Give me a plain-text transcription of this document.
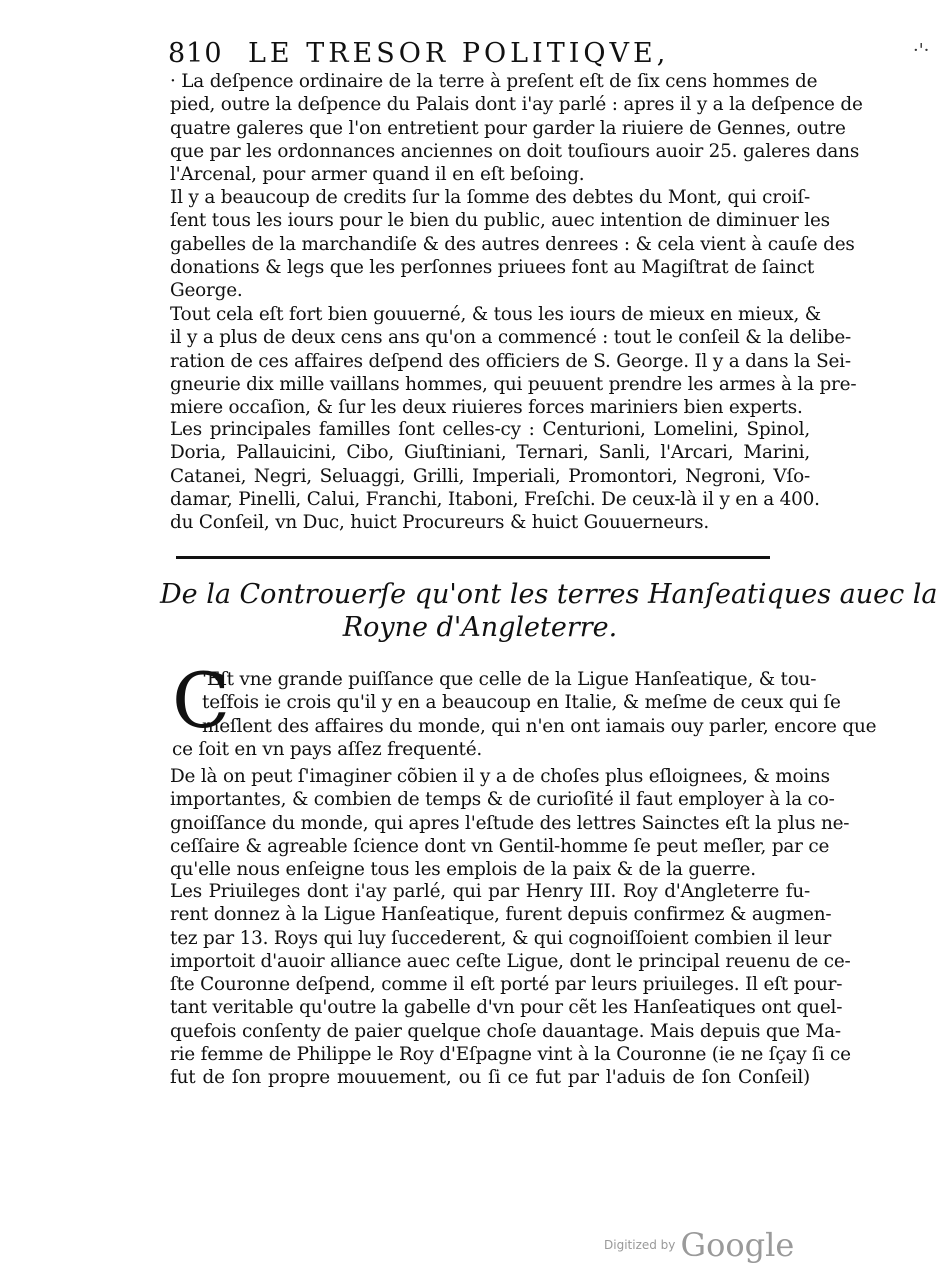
810 LE TRESOR POLITIQVE,	·'·
· La deſpence ordinaire de la terre à preſent eſt de ſix cens hommes de
pied, outre la deſpence du Palais dont i'ay parlé : apres il y a la deſpence de
quatre galeres que l'on entretient pour garder la riuiere de Gennes, outre
que par les ordonnances anciennes on doit touſiours auoir 25. galeres dans
l'Arcenal, pour armer quand il en eſt beſoing.
Il y a beaucoup de credits ſur la ſomme des debtes du Mont, qui croiſ-
ſent tous les iours pour le bien du public, auec intention de diminuer les
gabelles de la marchandiſe & des autres denrees : & cela vient à cauſe des
donations & legs que les perſonnes priuees font au Magiſtrat de ſainct
George.
Tout cela eſt fort bien gouuerné, & tous les iours de mieux en mieux, &
il y a plus de deux cens ans qu'on a commencé : tout le conſeil & la delibe-
ration de ces affaires deſpend des officiers de S. George. Il y a dans la Sei-
gneurie dix mille vaillans hommes, qui peuuent prendre les armes à la pre-
miere occaſion, & ſur les deux riuieres forces mariniers bien experts.
Les principales familles ſont celles-cy : Centurioni, Lomelini, Spinol,
Doria, Pallauicini, Cibo, Giuſtiniani, Ternari, Sanli, l'Arcari, Marini,
Catanei, Negri, Seluaggi, Grilli, Imperiali, Promontori, Negroni, Vſo-
damar, Pinelli, Calui, Franchi, Itaboni, Freſchi. De ceux-là il y en a 400.
du Conſeil, vn Duc, huict Procureurs & huict Gouuerneurs.
De la Controuerſe qu'ont les terres Hanſeatiques auec la
Royne d'Angleterre.
C
'Eſt vne grande puiſſance que celle de la Ligue Hanſeatique, & tou-
teſfois ie crois qu'il y en a beaucoup en Italie, & meſme de ceux qui ſe
meſlent des affaires du monde, qui n'en ont iamais ouy parler, encore que
ce ſoit en vn pays aſſez frequenté.
De là on peut ſ'imaginer cõbien il y a de choſes plus eſloignees, & moins
importantes, & combien de temps & de curioſité il faut employer à la co-
gnoiſſance du monde, qui apres l'eſtude des lettres Sainctes eſt la plus ne-
ceſſaire & agreable ſcience dont vn Gentil-homme ſe peut meſler, par ce
qu'elle nous enſeigne tous les emplois de la paix & de la guerre.
Les Priuileges dont i'ay parlé, qui par Henry III. Roy d'Angleterre fu-
rent donnez à la Ligue Hanſeatique, furent depuis confirmez & augmen-
tez par 13. Roys qui luy ſuccederent, & qui cognoiſſoient combien il leur
importoit d'auoir alliance auec ceſte Ligue, dont le principal reuenu de ce-
ſte Couronne deſpend, comme il eſt porté par leurs priuileges. Il eſt pour-
tant veritable qu'outre la gabelle d'vn pour cẽt les Hanſeatiques ont quel-
quefois conſenty de paier quelque choſe dauantage. Mais depuis que Ma-
rie femme de Philippe le Roy d'Eſpagne vint à la Couronne (ie ne ſçay ſi ce
fut de ſon propre mouuement, ou ſi ce fut par l'aduis de ſon Conſeil)
Digitized by Google
